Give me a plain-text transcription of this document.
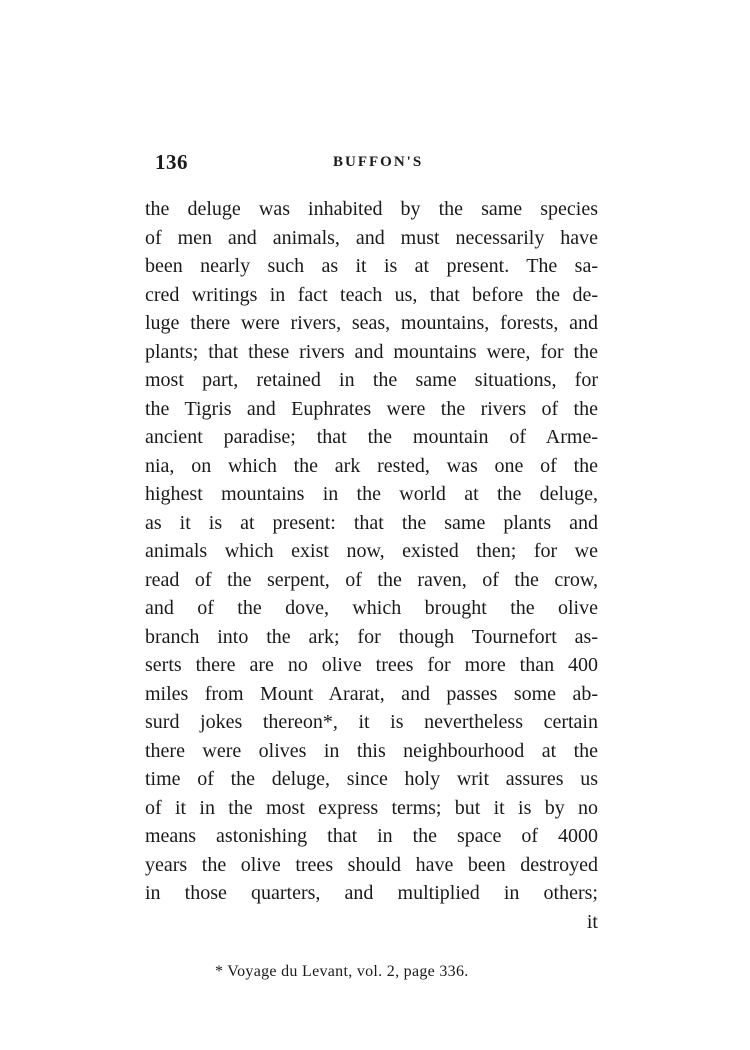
136	BUFFON'S
the deluge was inhabited by the same species
of men and animals, and must necessarily have
been nearly such as it is at present. The sa-
cred writings in fact teach us, that before the de-
luge there were rivers, seas, mountains, forests, and
plants; that these rivers and mountains were, for the
most part, retained in the same situations, for
the Tigris and Euphrates were the rivers of the
ancient paradise; that the mountain of Arme-
nia, on which the ark rested, was one of the
highest mountains in the world at the deluge,
as it is at present: that the same plants and
animals which exist now, existed then; for we
read of the serpent, of the raven, of the crow,
and of the dove, which brought the olive
branch into the ark; for though Tournefort as-
serts there are no olive trees for more than 400
miles from Mount Ararat, and passes some ab-
surd jokes thereon*, it is nevertheless certain
there were olives in this neighbourhood at the
time of the deluge, since holy writ assures us
of it in the most express terms; but it is by no
means astonishing that in the space of 4000
years the olive trees should have been destroyed
in those quarters, and multiplied in others;
it
* Voyage du Levant, vol. 2, page 336.
